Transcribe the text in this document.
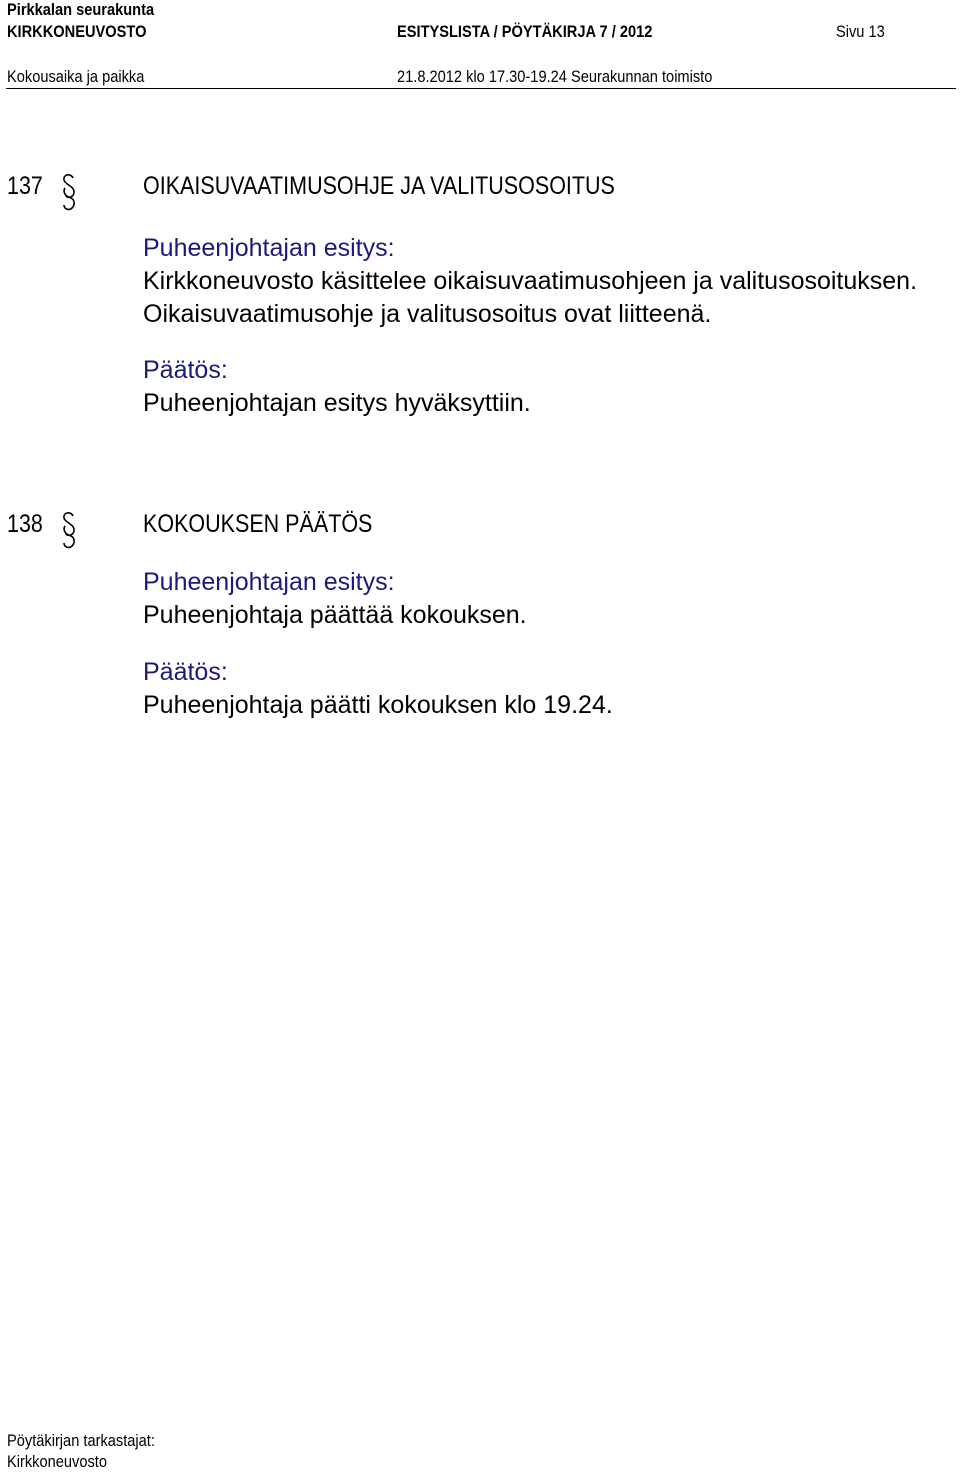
Pirkkalan seurakunta
KIRKKONEUVOSTO	ESITYSLISTA / PÖYTÄKIRJA 7 / 2012	Sivu 13
Kokousaika ja paikka	21.8.2012 klo 17.30-19.24 Seurakunnan toimisto
137	OIKAISUVAATIMUSOHJE JA VALITUSOSOITUS
Puheenjohtajan esitys:
Kirkkoneuvosto käsittelee oikaisuvaatimusohjeen ja valitusosoituksen.
Oikaisuvaatimusohje ja valitusosoitus ovat liitteenä.
Päätös:
Puheenjohtajan esitys hyväksyttiin.
138	KOKOUKSEN PÄÄTÖS
Puheenjohtajan esitys:
Puheenjohtaja päättää kokouksen.
Päätös:
Puheenjohtaja päätti kokouksen klo 19.24.
Pöytäkirjan tarkastajat:
Kirkkoneuvosto
